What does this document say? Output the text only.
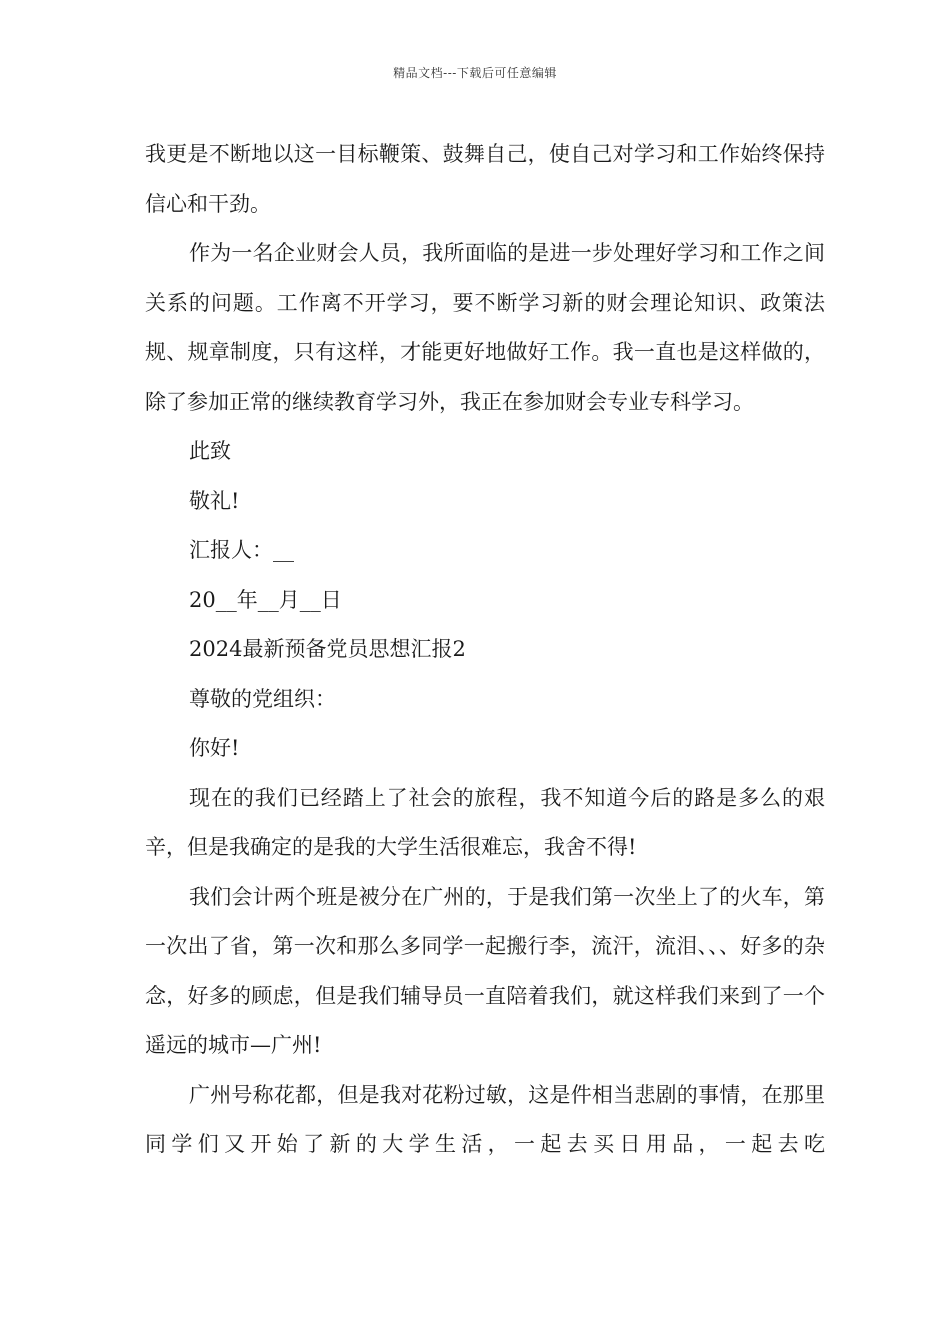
精品文档---下载后可任意编辑

我更是不断地以这一目标鞭策、鼓舞自己，使自己对学习和工作始终保持信心和干劲。

作为一名企业财会人员，我所面临的是进一步处理好学习和工作之间关系的问题。工作离不开学习，要不断学习新的财会理论知识、政策法规、规章制度，只有这样，才能更好地做好工作。我一直也是这样做的，除了参加正常的继续教育学习外，我正在参加财会专业专科学习。

此致
敬礼!
汇报人：__
20__年__月__日
2024最新预备党员思想汇报2
尊敬的党组织：
你好!

现在的我们已经踏上了社会的旅程，我不知道今后的路是多么的艰辛，但是我确定的是我的大学生活很难忘，我舍不得!

我们会计两个班是被分在广州的，于是我们第一次坐上了的火车，第一次出了省，第一次和那么多同学一起搬行李，流汗，流泪、、、好多的杂念，好多的顾虑，但是我们辅导员一直陪着我们，就这样我们来到了一个遥远的城市—广州!

广州号称花都，但是我对花粉过敏，这是件相当悲剧的事情，在那里同学们又开始了新的大学生活，一起去买日用品，一起去吃
